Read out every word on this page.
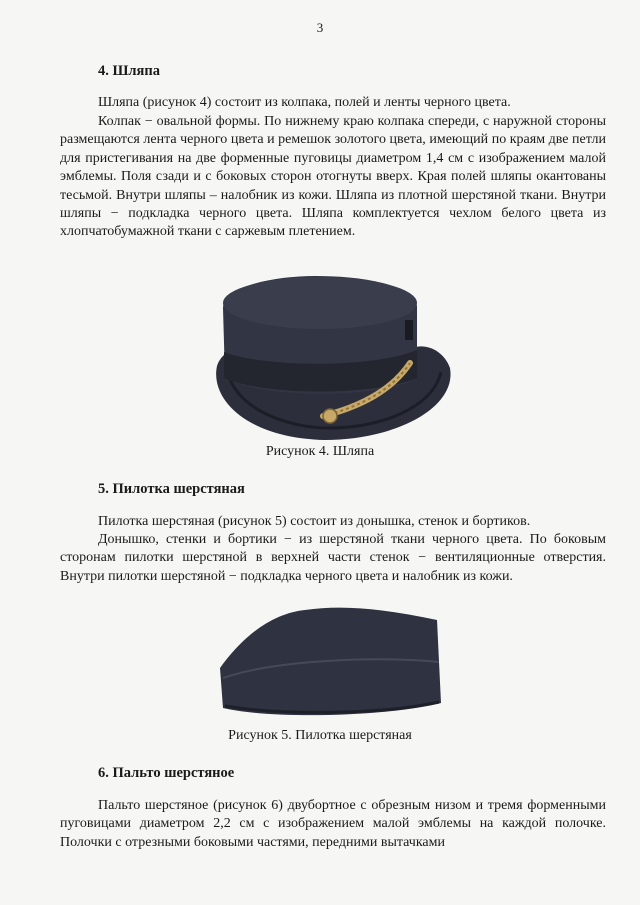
3
4. Шляпа

Шляпа (рисунок 4) состоит из колпака, полей и ленты черного цвета.

Колпак − овальной формы. По нижнему краю колпака спереди, с наружной стороны размещаются лента черного цвета и ремешок золотого цвета, имеющий по краям две петли для пристегивания на две форменные пуговицы диаметром 1,4 см с изображением малой эмблемы. Поля сзади и с боковых сторон отогнуты вверх. Края полей шляпы окантованы тесьмой. Внутри шляпы – налобник из кожи. Шляпа из плотной шерстяной ткани. Внутри шляпы − подкладка черного цвета. Шляпа комплектуется чехлом белого цвета из хлопчатобумажной ткани с саржевым плетением.

Рисунок 4. Шляпа
5. Пилотка шерстяная

Пилотка шерстяная (рисунок 5) состоит из донышка, стенок и бортиков.

Донышко, стенки и бортики − из шерстяной ткани черного цвета. По боковым сторонам пилотки шерстяной в верхней части стенок − вентиляционные отверстия. Внутри пилотки шерстяной − подкладка черного цвета и налобник из кожи.

Рисунок 5. Пилотка шерстяная
6. Пальто шерстяное

Пальто шерстяное (рисунок 6) двубортное с обрезным низом и тремя форменными пуговицами диаметром 2,2 см с изображением малой эмблемы на каждой полочке. Полочки с отрезными боковыми частями, передними вытачками
